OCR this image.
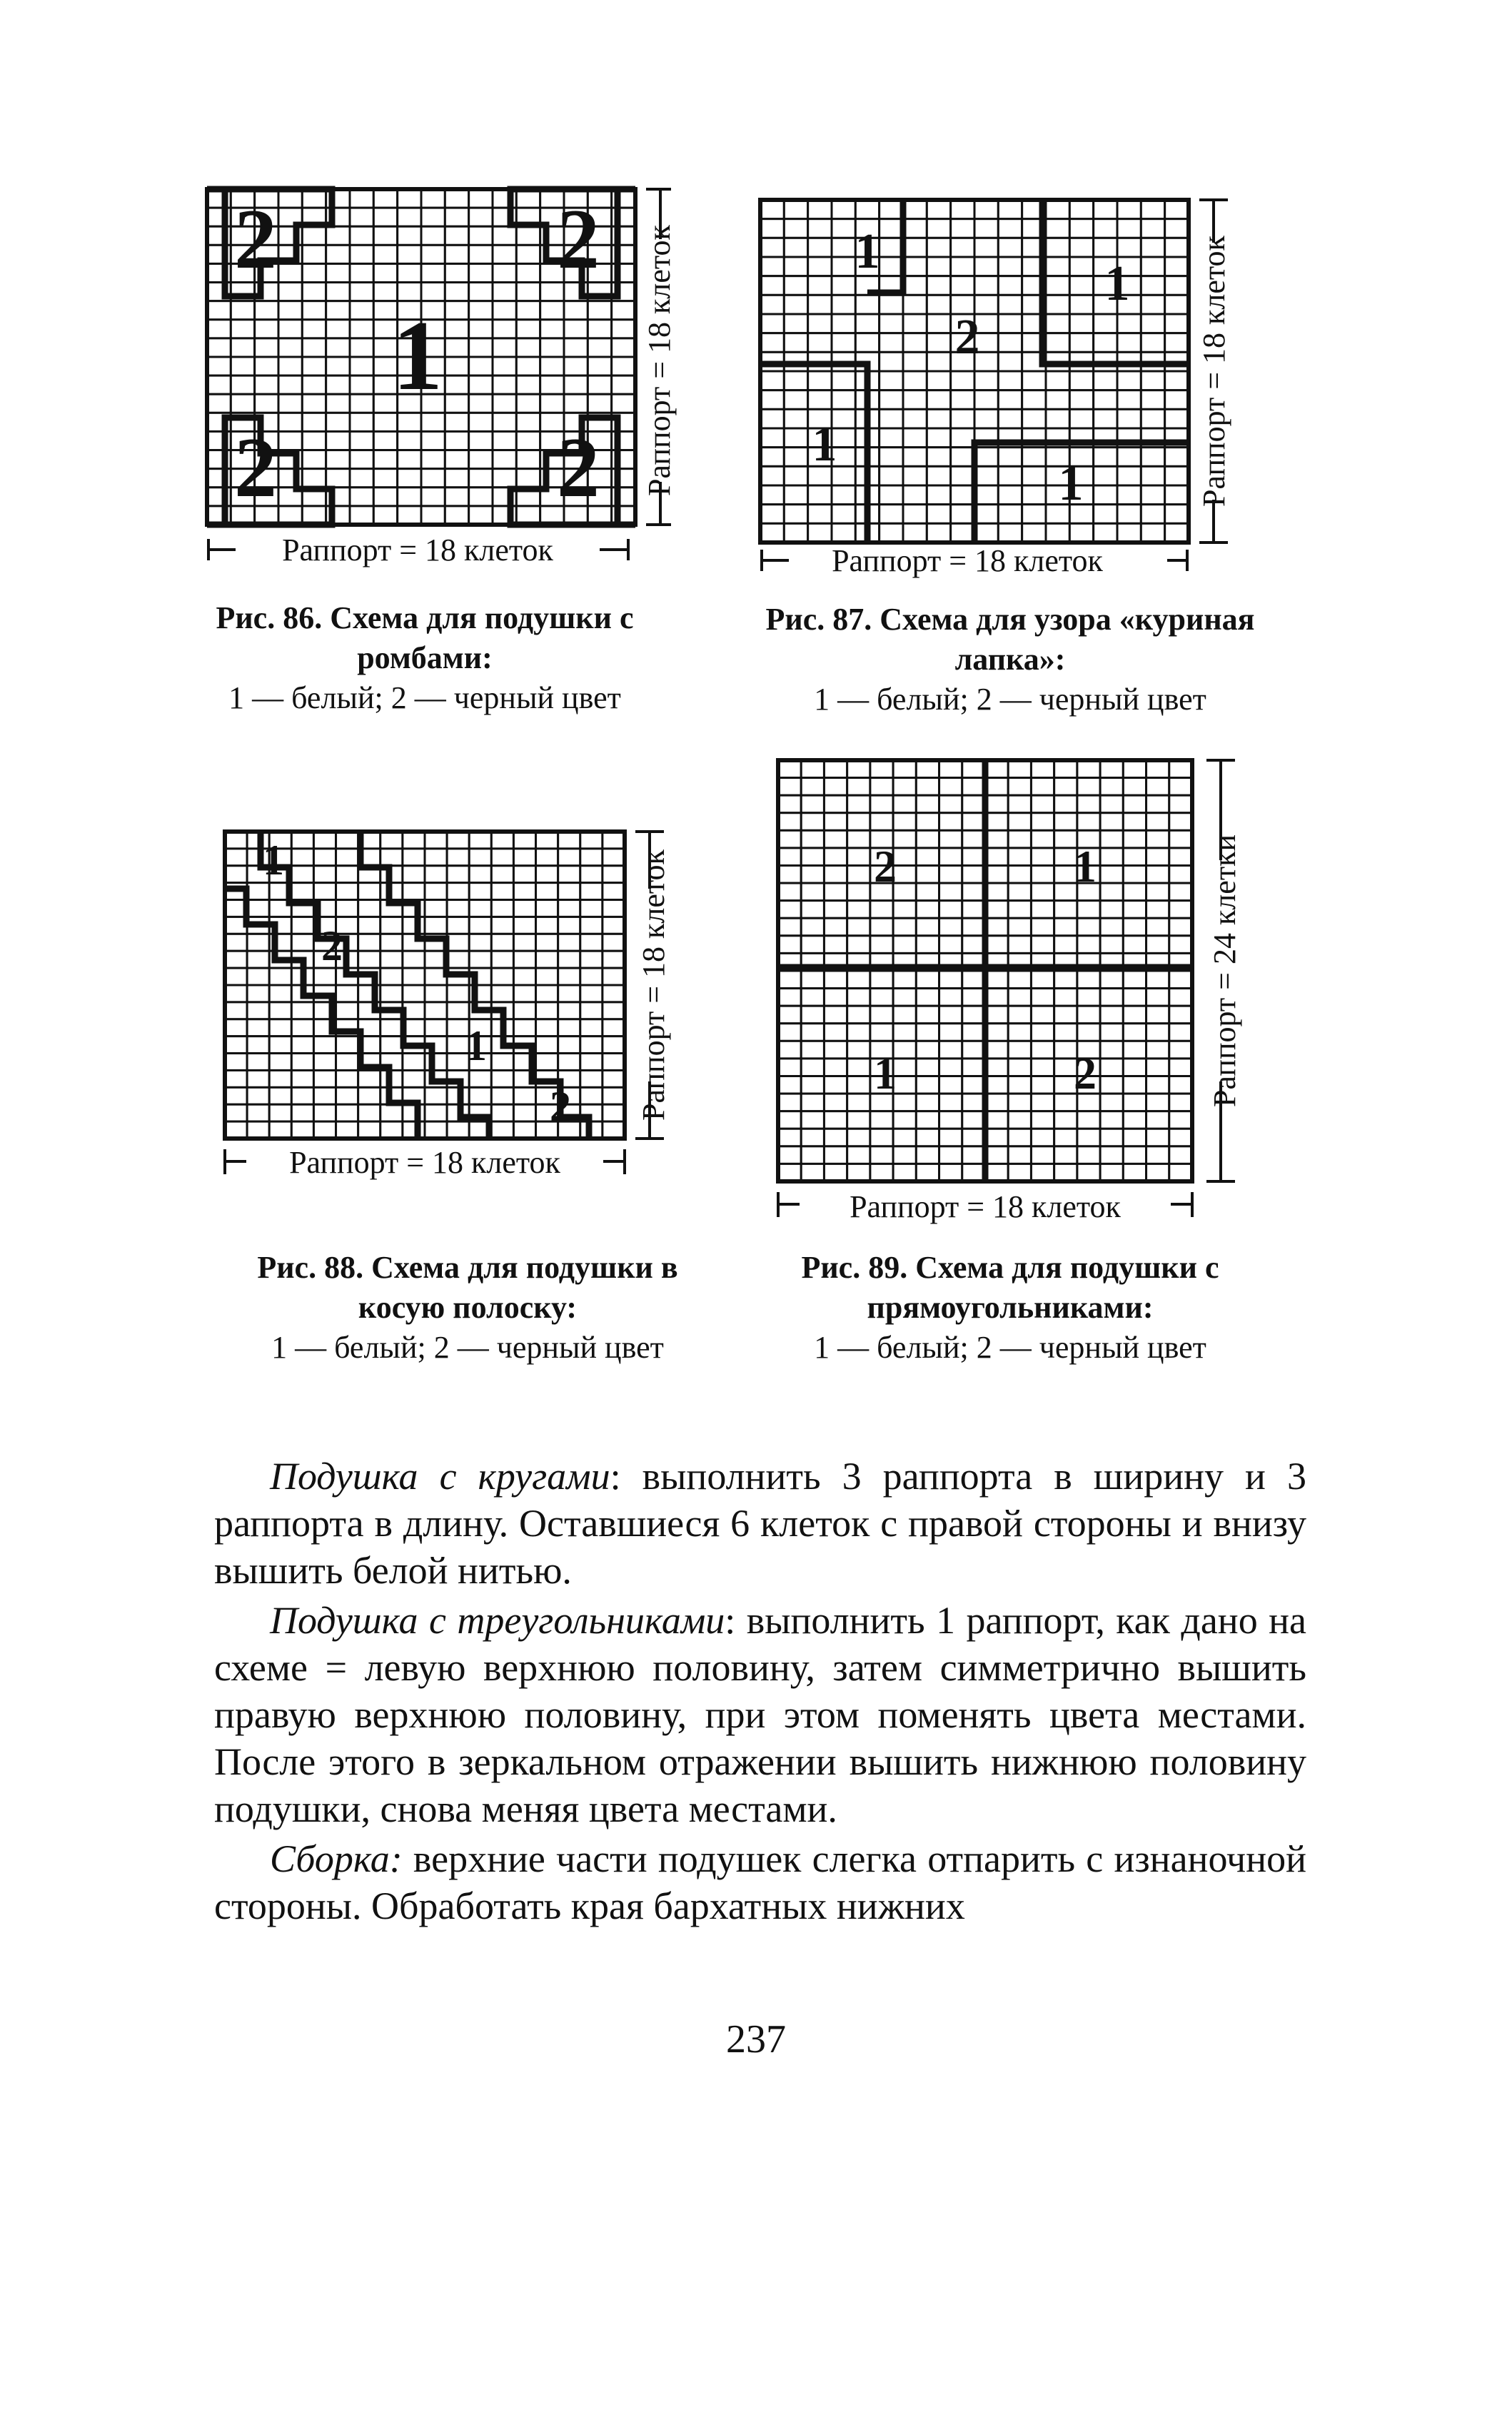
2	2
1
2	2
Раппорт = 18 клеток
Раппорт = 18 клеток
Рис. 86. Схема для подушки с ромбами:
1 — белый; 2 — черный цвет
1
1
2
1
1
Раппорт = 18 клеток
Раппорт = 18 клеток
Рис. 87. Схема для узора «куриная лапка»:
1 — белый; 2 — черный цвет
1
2
1
2
Раппорт = 18 клеток
Раппорт = 18 клеток
Рис. 88. Схема для подушки в косую полоску:
1 — белый; 2 — черный цвет
2	1
1	2
Раппорт = 18 клеток
Раппорт = 24 клетки
Рис. 89. Схема для подушки с прямоугольниками:
1 — белый; 2 — черный цвет

Подушка с кругами: выполнить 3 раппорта в ширину и 3 раппорта в длину. Оставшиеся 6 клеток с правой стороны и внизу вышить белой нитью.

Подушка с треугольниками: выполнить 1 раппорт, как дано на схеме = левую верхнюю половину, затем симметрично вышить правую верхнюю половину, при этом поменять цвета местами. После этого в зеркальном отражении вышить нижнюю половину подушки, снова меняя цвета местами.

Сборка: верхние части подушек слегка отпарить с изнаночной стороны. Обработать края бархатных нижних

237
